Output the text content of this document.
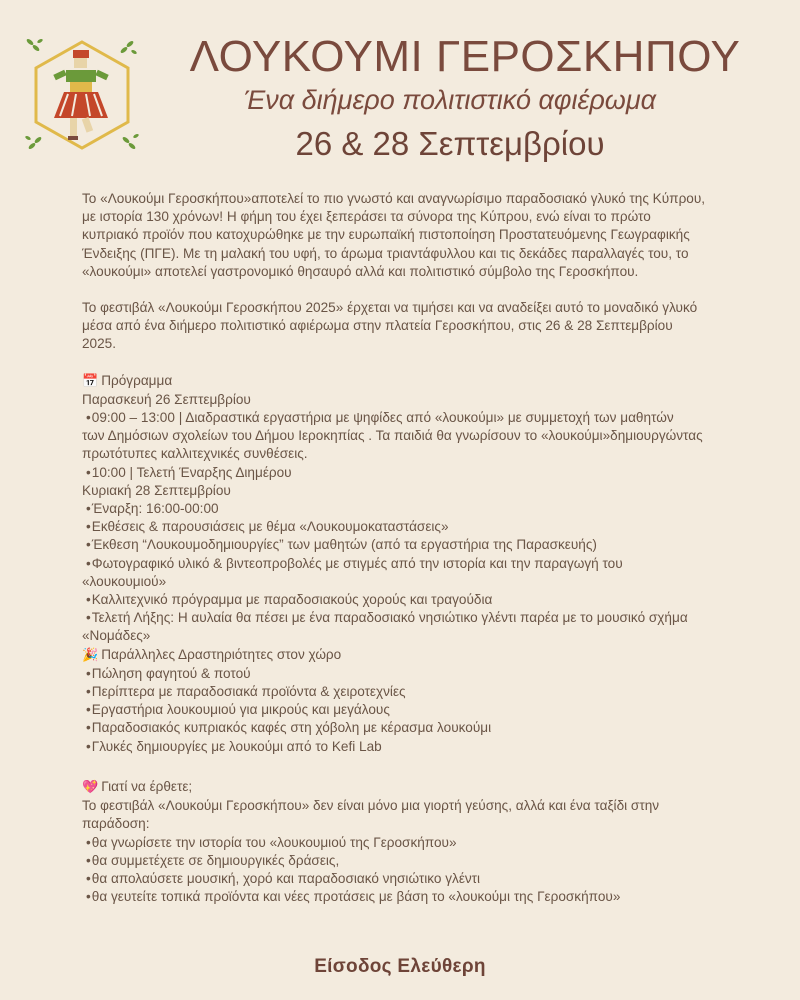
ΛΟΥΚΟΥΜΙ ΓΕΡΟΣΚΗΠΟΥ
Ένα διήμερο πολιτιστικό αφιέρωμα
26 & 28 Σεπτεμβρίου

Το «Λουκούμι Γεροσκήπου»αποτελεί το πιο γνωστό και αναγνωρίσιμο παραδοσιακό γλυκό της Κύπρου,

με ιστορία 130 χρόνων! Η φήμη του έχει ξεπεράσει τα σύνορα της Κύπρου, ενώ είναι το πρώτο

κυπριακό προϊόν που κατοχυρώθηκε με την ευρωπαϊκή πιστοποίηση Προστατευόμενης Γεωγραφικής

Ένδειξης (ΠΓΕ). Με τη μαλακή του υφή, το άρωμα τριαντάφυλλου και τις δεκάδες παραλλαγές του, το

«λουκούμι» αποτελεί γαστρονομικό θησαυρό αλλά και πολιτιστικό σύμβολο της Γεροσκήπου.

Το φεστιβάλ «Λουκούμι Γεροσκήπου 2025» έρχεται να τιμήσει και να αναδείξει αυτό το μοναδικό γλυκό

μέσα από ένα διήμερο πολιτιστικό αφιέρωμα στην πλατεία Γεροσκήπου, στις 26 & 28 Σεπτεμβρίου

2025.

📅 Πρόγραμμα

Παρασκευή 26 Σεπτεμβρίου

• 09:00 – 13:00 | Διαδραστικά εργαστήρια με ψηφίδες από «λουκούμι» με συμμετοχή των μαθητών

των Δημόσιων σχολείων του Δήμου Ιεροκηπίας . Τα παιδιά θα γνωρίσουν το «λουκούμι»δημιουργώντας

πρωτότυπες καλλιτεχνικές συνθέσεις.

• 10:00 | Τελετή Έναρξης Διημέρου

Κυριακή 28 Σεπτεμβρίου

• Έναρξη: 16:00-00:00

• Εκθέσεις & παρουσιάσεις με θέμα «Λουκουμοκαταστάσεις»

• Έκθεση “Λουκουμοδημιουργίες” των μαθητών (από τα εργαστήρια της Παρασκευής)

• Φωτογραφικό υλικό & βιντεοπροβολές με στιγμές από την ιστορία και την παραγωγή του

«λουκουμιού»

• Καλλιτεχνικό πρόγραμμα με παραδοσιακούς χορούς και τραγούδια

• Τελετή Λήξης: Η αυλαία θα πέσει με ένα παραδοσιακό νησιώτικο γλέντι παρέα με το μουσικό σχήμα

«Νομάδες»

🎉 Παράλληλες Δραστηριότητες στον χώρο

• Πώληση φαγητού & ποτού

• Περίπτερα με παραδοσιακά προϊόντα & χειροτεχνίες

• Εργαστήρια λουκουμιού για μικρούς και μεγάλους

• Παραδοσιακός κυπριακός καφές στη χόβολη με κέρασμα λουκούμι

• Γλυκές δημιουργίες με λουκούμι από το Kefi Lab

💖 Γιατί να έρθετε;

Το φεστιβάλ «Λουκούμι Γεροσκήπου» δεν είναι μόνο μια γιορτή γεύσης, αλλά και ένα ταξίδι στην

παράδοση:

• θα γνωρίσετε την ιστορία του «λουκουμιού της Γεροσκήπου»

• θα συμμετέχετε σε δημιουργικές δράσεις,

• θα απολαύσετε μουσική, χορό και παραδοσιακό νησιώτικο γλέντι

• θα γευτείτε τοπικά προϊόντα και νέες προτάσεις με βάση το «λουκούμι της Γεροσκήπου»

Είσοδος Ελεύθερη
